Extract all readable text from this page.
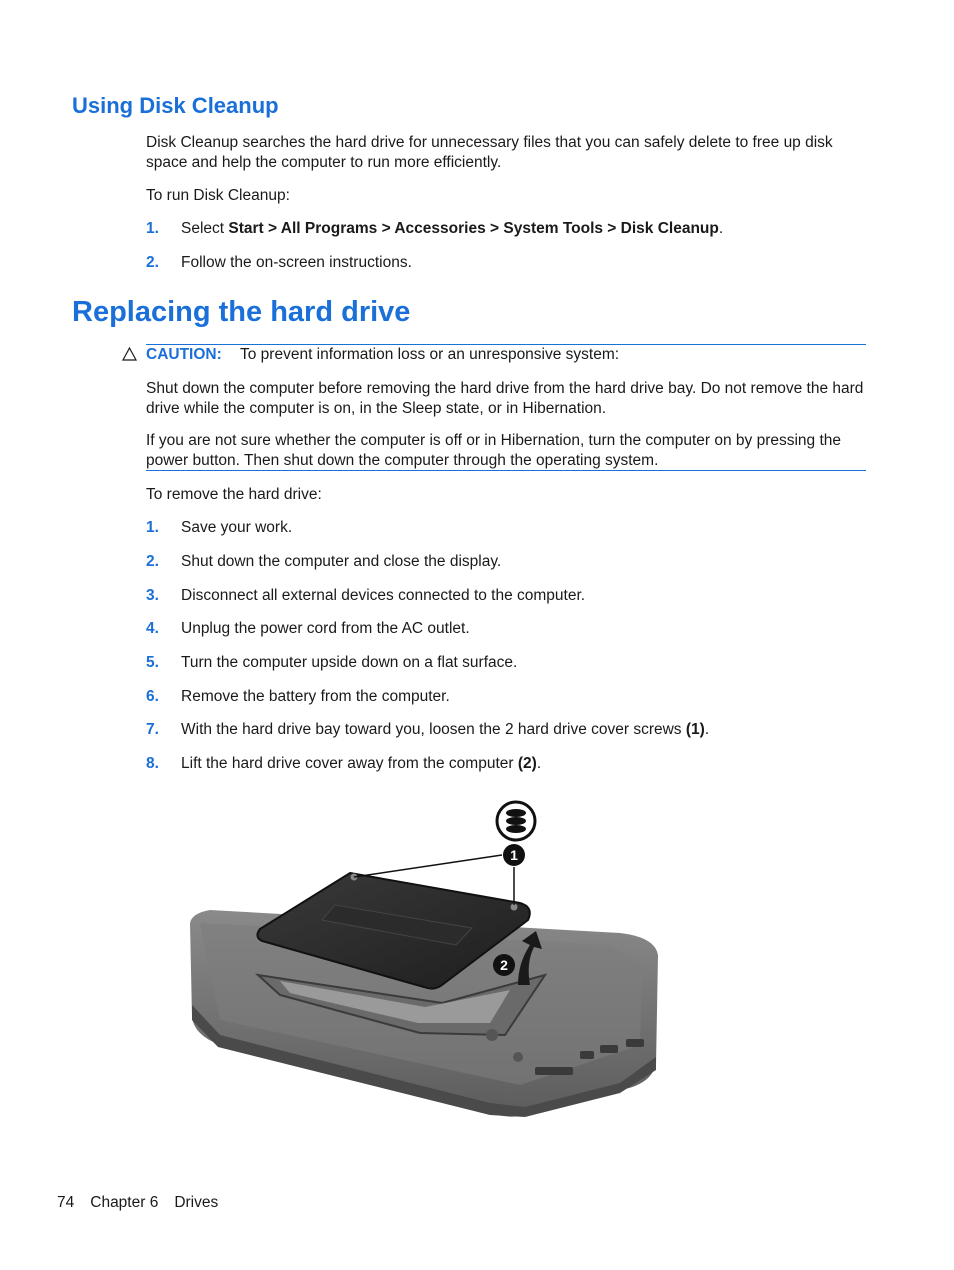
Using Disk Cleanup

Disk Cleanup searches the hard drive for unnecessary files that you can safely delete to free up disk space and help the computer to run more efficiently.

To run Disk Cleanup:

1. Select Start > All Programs > Accessories > System Tools > Disk Cleanup.
2. Follow the on-screen instructions.
Replacing the hard drive
CAUTION: To prevent information loss or an unresponsive system:

Shut down the computer before removing the hard drive from the hard drive bay. Do not remove the hard drive while the computer is on, in the Sleep state, or in Hibernation.

If you are not sure whether the computer is off or in Hibernation, turn the computer on by pressing the power button. Then shut down the computer through the operating system.

To remove the hard drive:

1. Save your work.
2. Shut down the computer and close the display.
3. Disconnect all external devices connected to the computer.
4. Unplug the power cord from the AC outlet.
5. Turn the computer upside down on a flat surface.
6. Remove the battery from the computer.
7. With the hard drive bay toward you, loosen the 2 hard drive cover screws (1).
8. Lift the hard drive cover away from the computer (2).
1
2
74 Chapter 6 Drives
